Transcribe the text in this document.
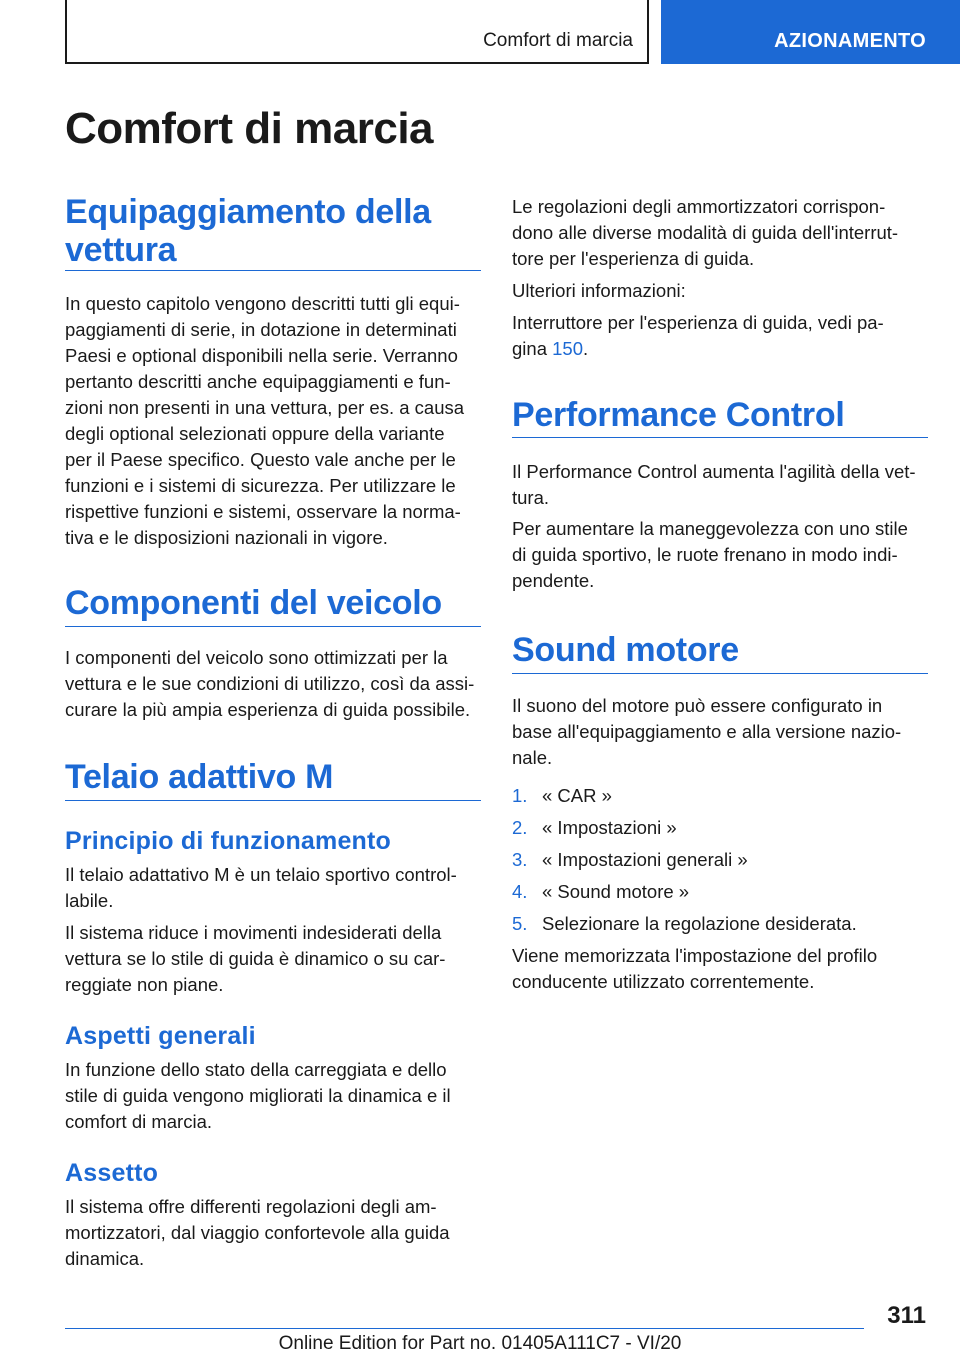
Comfort di marcia	AZIONAMENTO
Comfort di marcia
Equipaggiamento della
vettura
In questo capitolo vengono descritti tutti gli equi-
paggiamenti di serie, in dotazione in determinati
Paesi e optional disponibili nella serie. Verranno
pertanto descritti anche equipaggiamenti e fun-
zioni non presenti in una vettura, per es. a causa
degli optional selezionati oppure della variante
per il Paese specifico. Questo vale anche per le
funzioni e i sistemi di sicurezza. Per utilizzare le
rispettive funzioni e sistemi, osservare la norma-
tiva e le disposizioni nazionali in vigore.
Componenti del veicolo
I componenti del veicolo sono ottimizzati per la
vettura e le sue condizioni di utilizzo, così da assi-
curare la più ampia esperienza di guida possibile.
Telaio adattivo M
Principio di funzionamento
Il telaio adattativo M è un telaio sportivo control-
labile.
Il sistema riduce i movimenti indesiderati della
vettura se lo stile di guida è dinamico o su car-
reggiate non piane.
Aspetti generali
In funzione dello stato della carreggiata e dello
stile di guida vengono migliorati la dinamica e il
comfort di marcia.
Assetto
Il sistema offre differenti regolazioni degli am-
mortizzatori, dal viaggio confortevole alla guida
dinamica.
Le regolazioni degli ammortizzatori corrispon-
dono alle diverse modalità di guida dell'interrut-
tore per l'esperienza di guida.
Ulteriori informazioni:
Interruttore per l'esperienza di guida, vedi pa-
gina 150.
Performance Control
Il Performance Control aumenta l'agilità della vet-
tura.
Per aumentare la maneggevolezza con uno stile
di guida sportivo, le ruote frenano in modo indi-
pendente.
Sound motore
Il suono del motore può essere configurato in
base all'equipaggiamento e alla versione nazio-
nale.
1. « CAR »
2. « Impostazioni »
3. « Impostazioni generali »
4. « Sound motore »
5. Selezionare la regolazione desiderata.
Viene memorizzata l'impostazione del profilo
conducente utilizzato correntemente.
311
Online Edition for Part no. 01405A111C7 - VI/20
